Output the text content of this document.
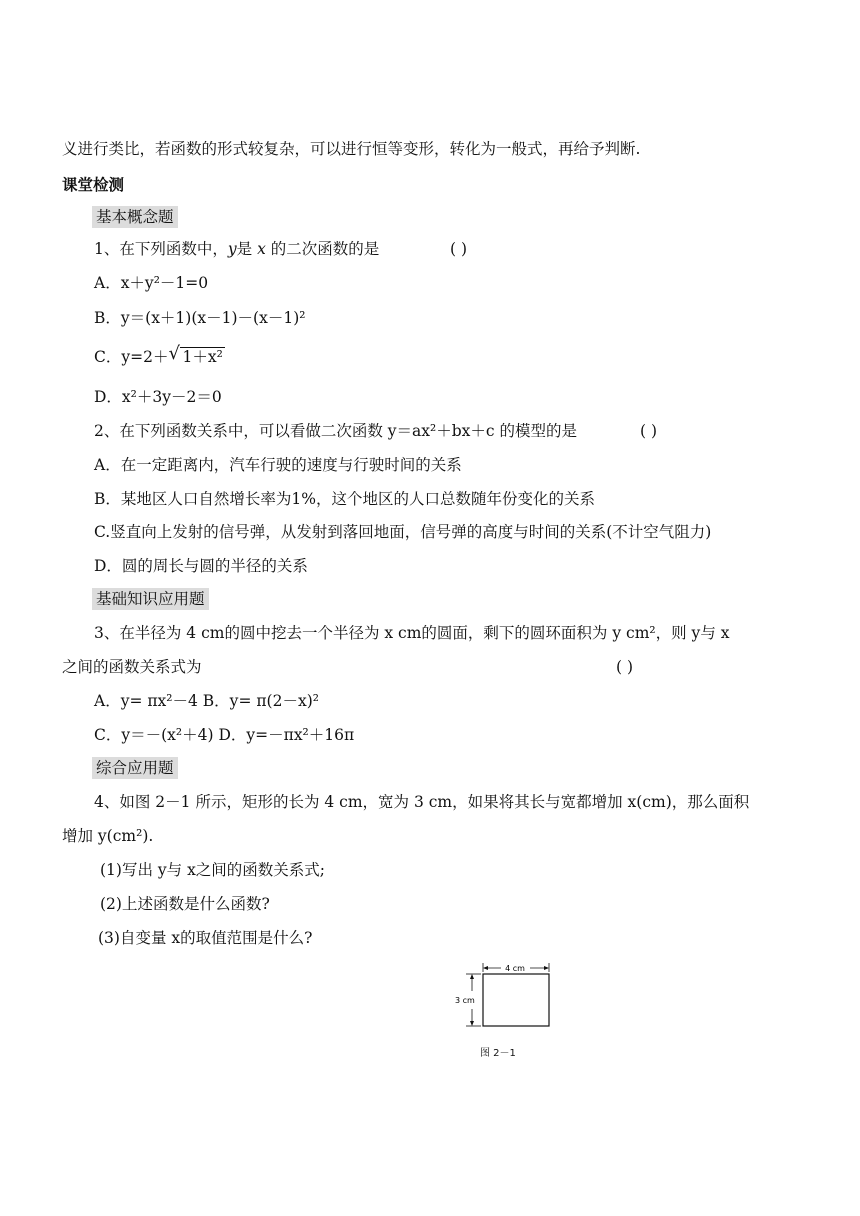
义进行类比，若函数的形式较复杂，可以进行恒等变形，转化为一般式，再给予判断.
课堂检测
基本概念题
1、在下列函数中，y是 x 的二次函数的是	( )
A．x＋y²－1=0
B．y＝(x＋1)(x－1)－(x－1)²
C．y=2＋ √ 1＋x²
D．x²＋3y－2＝0
2、在下列函数关系中，可以看做二次函数 y＝ax²＋bx＋c 的模型的是	( )
A．在一定距离内，汽车行驶的速度与行驶时间的关系
B．某地区人口自然增长率为1%，这个地区的人口总数随年份变化的关系
C.竖直向上发射的信号弹，从发射到落回地面，信号弹的高度与时间的关系(不计空气阻力)
D．圆的周长与圆的半径的关系
基础知识应用题
3、在半径为 4 cm的圆中挖去一个半径为 x cm的圆面，剩下的圆环面积为 y cm²，则 y与 x
之间的函数关系式为	( )
A．y= πx²－4 B．y= π(2－x)²
C．y＝－(x²＋4) D．y=－πx²＋16π
综合应用题
4、如图 2－1 所示，矩形的长为 4 cm，宽为 3 cm，如果将其长与宽都增加 x(cm)，那么面积
增加 y(cm²).
(1)写出 y与 x之间的函数关系式;
(2)上述函数是什么函数?
(3)自变量 x的取值范围是什么?
4 cm
3 cm
图 2－1
